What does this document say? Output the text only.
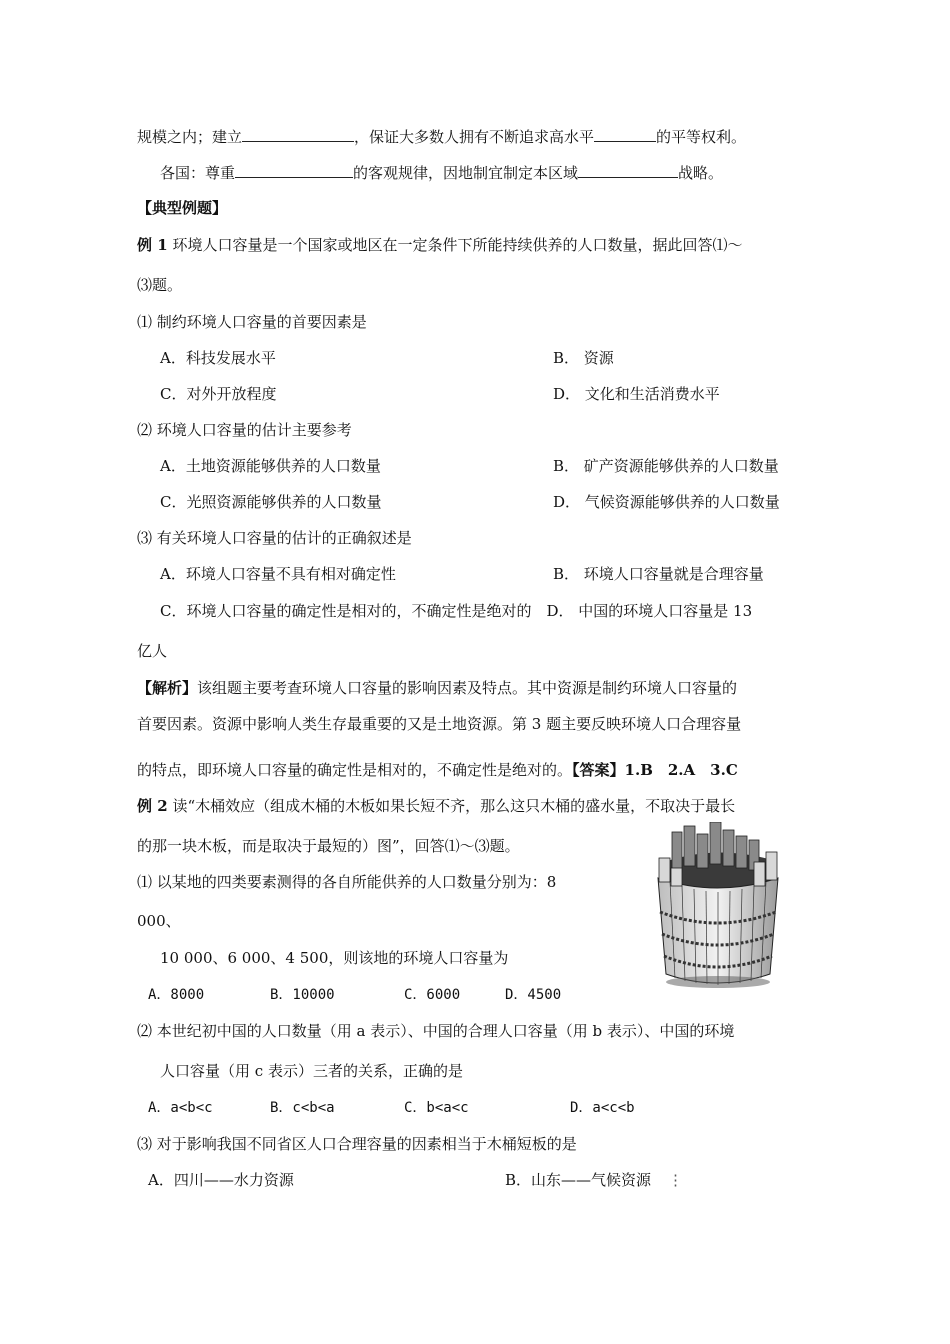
规模之内；建立	，保证大多数人拥有不断追求高水平	的平等权利。
各国：尊重	的客观规律，因地制宜制定本区域	战略。
【典型例题】
例 1 环境人口容量是一个国家或地区在一定条件下所能持续供养的人口数量，据此回答⑴～
⑶题。
⑴ 制约环境人口容量的首要因素是
A．科技发展水平	B． 资源
C．对外开放程度	D． 文化和生活消费水平
⑵ 环境人口容量的估计主要参考
A．土地资源能够供养的人口数量	B． 矿产资源能够供养的人口数量
C．光照资源能够供养的人口数量	D． 气候资源能够供养的人口数量
⑶ 有关环境人口容量的估计的正确叙述是
A．环境人口容量不具有相对确定性	B． 环境人口容量就是合理容量
C．环境人口容量的确定性是相对的，不确定性是绝对的　D． 中国的环境人口容量是 13
亿人
【解析】该组题主要考查环境人口容量的影响因素及特点。其中资源是制约环境人口容量的
首要因素。资源中影响人类生存最重要的又是土地资源。第 3 题主要反映环境人口合理容量
的特点，即环境人口容量的确定性是相对的，不确定性是绝对的。【答案】1.B　2.A　3.C
例 2 读“木桶效应（组成木桶的木板如果长短不齐，那么这只木桶的盛水量，不取决于最长
的那一块木板，而是取决于最短的）图”，回答⑴～⑶题。
⑴ 以某地的四类要素测得的各自所能供养的人口数量分别为：8
000、
10 000、6 000、4 500，则该地的环境人口容量为
A．8000	B．10000	C．6000	D．4500
⑵ 本世纪初中国的人口数量（用 a 表示）、中国的合理人口容量（用 b 表示）、中国的环境
人口容量（用 c 表示）三者的关系，正确的是
A．a<b<c	B．c<b<a	C．b<a<c	D．a<c<b
⑶ 对于影响我国不同省区人口合理容量的因素相当于木桶短板的是
A．四川——水力资源	B．山东——气候资源 ⋮
